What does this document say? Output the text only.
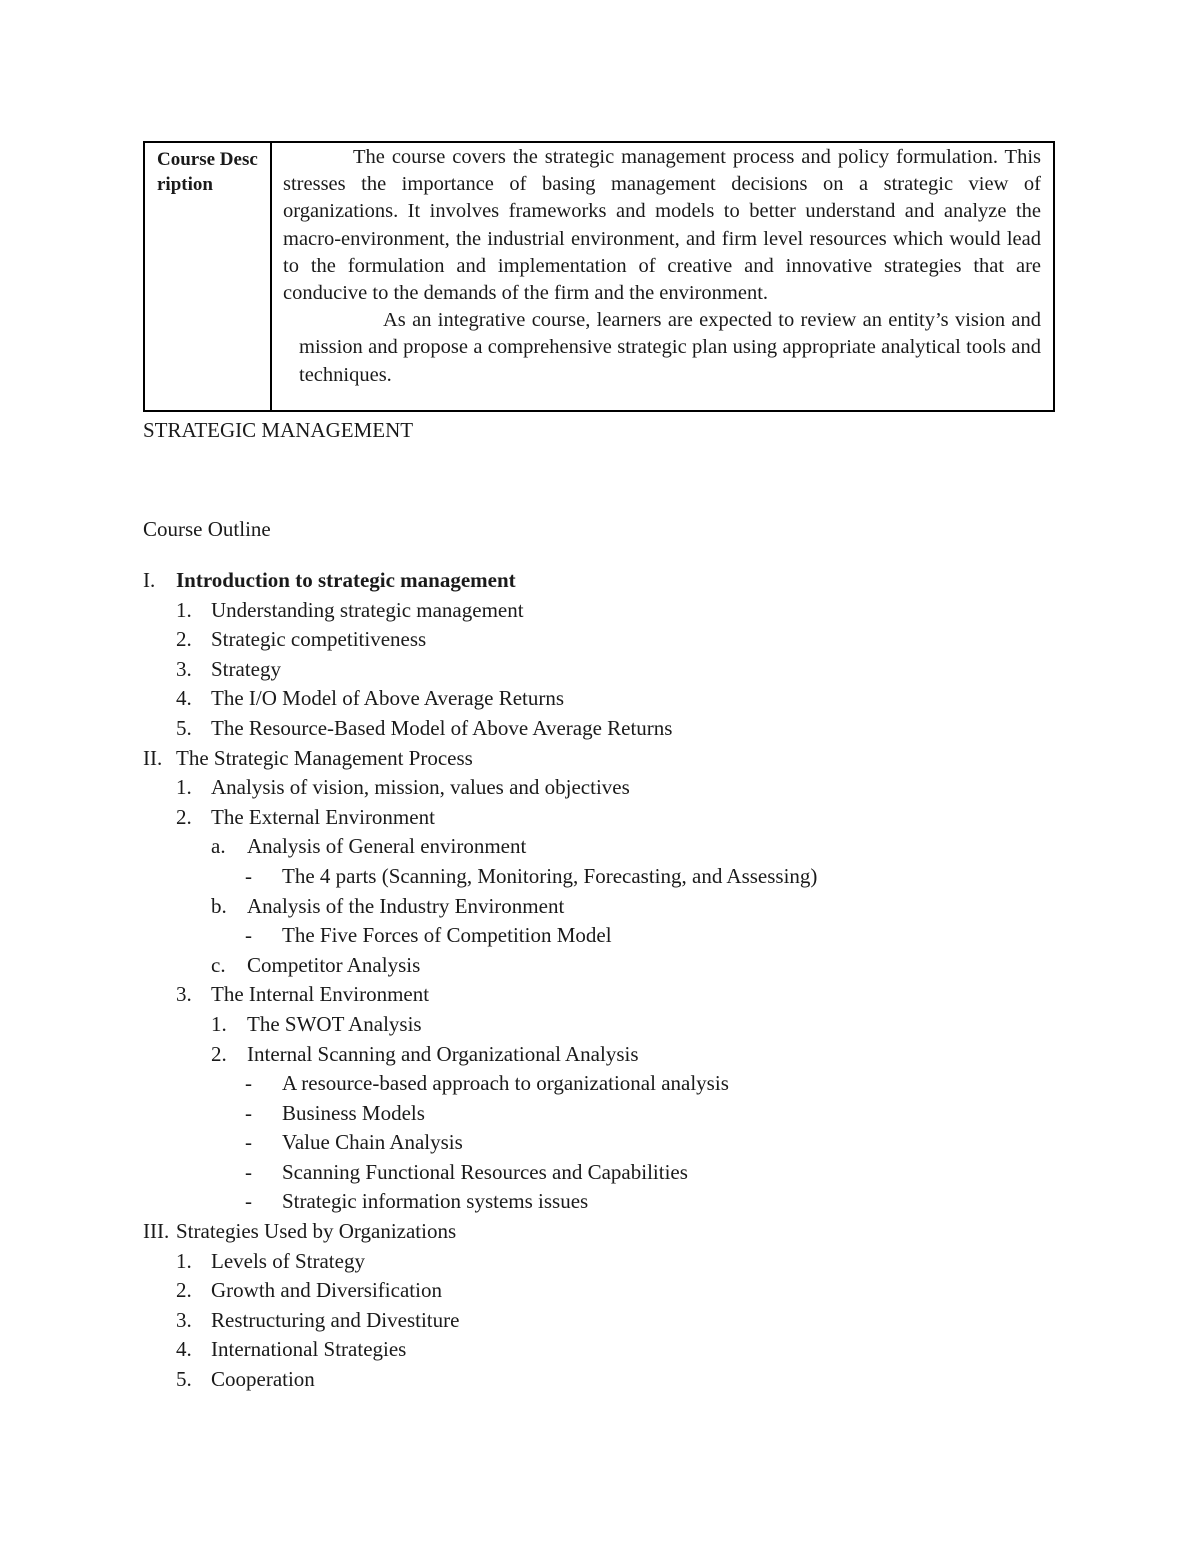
Course Description

The course covers the strategic management process and policy formulation. This stresses the importance of basing management decisions on a strategic view of organizations. It involves frameworks and models to better understand and analyze the macro-environment, the industrial environment, and firm level resources which would lead to the formulation and implementation of creative and innovative strategies that are conducive to the demands of the firm and the environment.

As an integrative course, learners are expected to review an entity’s vision and mission and propose a comprehensive strategic plan using appropriate analytical tools and techniques.

STRATEGIC MANAGEMENT
Course Outline
I. Introduction to strategic management
1. Understanding strategic management
2. Strategic competitiveness
3. Strategy
4. The I/O Model of Above Average Returns
5. The Resource-Based Model of Above Average Returns
II. The Strategic Management Process
1. Analysis of vision, mission, values and objectives
2. The External Environment
a. Analysis of General environment
- The 4 parts (Scanning, Monitoring, Forecasting, and Assessing)
b. Analysis of the Industry Environment
- The Five Forces of Competition Model
c. Competitor Analysis
3. The Internal Environment
1. The SWOT Analysis
2. Internal Scanning and Organizational Analysis
- A resource-based approach to organizational analysis
- Business Models
- Value Chain Analysis
- Scanning Functional Resources and Capabilities
- Strategic information systems issues
III. Strategies Used by Organizations
1. Levels of Strategy
2. Growth and Diversification
3. Restructuring and Divestiture
4. International Strategies
5. Cooperation
